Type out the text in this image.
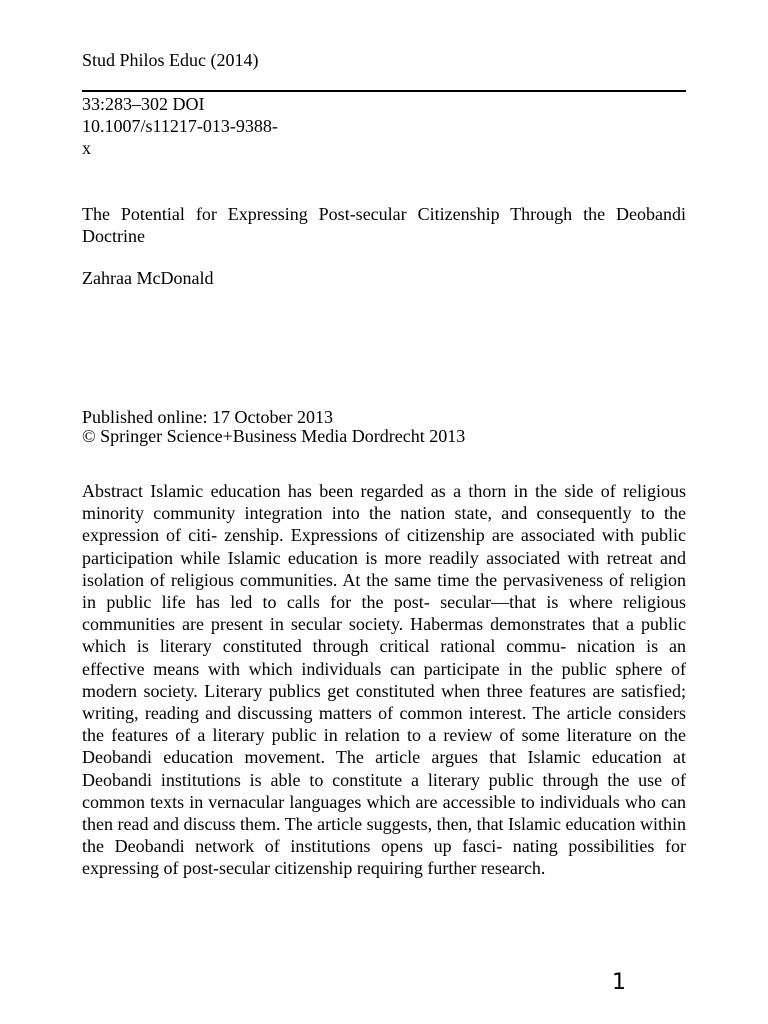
Stud Philos Educ (2014)
33:283–302 DOI
10.1007/s11217-013-9388-
x
The Potential for Expressing Post-secular Citizenship Through the Deobandi Doctrine
Zahraa McDonald
Published online: 17 October 2013
© Springer Science+Business Media Dordrecht 2013

Abstract Islamic education has been regarded as a thorn in the side of religious minority community integration into the nation state, and consequently to the expression of citi- zenship. Expressions of citizenship are associated with public participation while Islamic education is more readily associated with retreat and isolation of religious communities. At the same time the pervasiveness of religion in public life has led to calls for the post- secular—that is where religious communities are present in secular society. Habermas demonstrates that a public which is literary constituted through critical rational commu- nication is an effective means with which individuals can participate in the public sphere of modern society. Literary publics get constituted when three features are satisfied; writing, reading and discussing matters of common interest. The article considers the features of a literary public in relation to a review of some literature on the Deobandi education movement. The article argues that Islamic education at Deobandi institutions is able to constitute a literary public through the use of common texts in vernacular languages which are accessible to individuals who can then read and discuss them. The article suggests, then, that Islamic education within the Deobandi network of institutions opens up fasci- nating possibilities for expressing of post-secular citizenship requiring further research.

1
